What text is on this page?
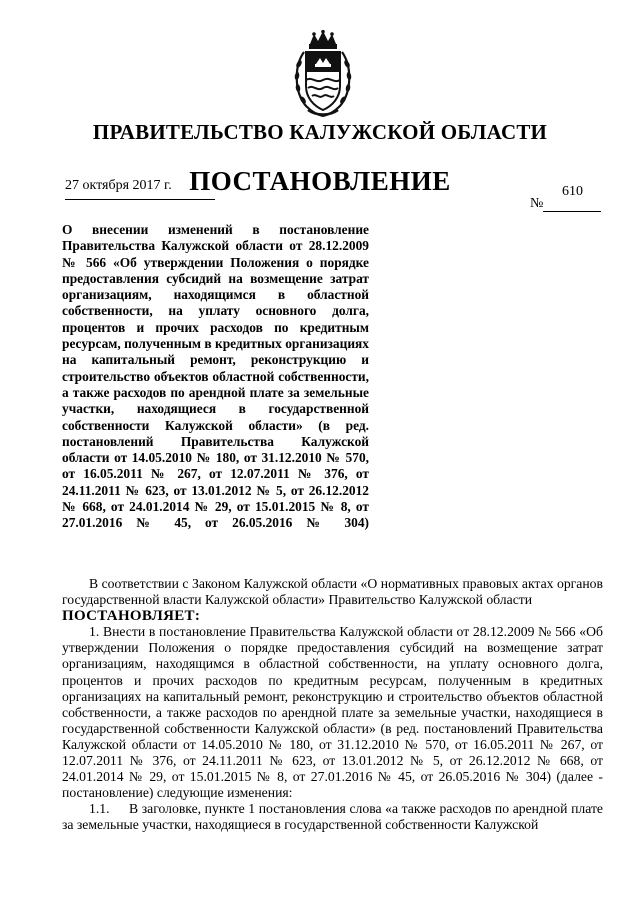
ПРАВИТЕЛЬСТВО КАЛУЖСКОЙ ОБЛАСТИ
ПОСТАНОВЛЕНИЕ
27 октября 2017 г.	610
№
О внесении изменений в постановление Правительства Калужской области от 28.12.2009 № 566 «Об утверждении Положения о порядке предоставления субсидий на возмещение затрат организациям, находящимся в областной собственности, на уплату основного долга, процентов и прочих расходов по кредитным ресурсам, полученным в кредитных организациях на капитальный ремонт, реконструкцию и строительство объектов областной собственности, а также расходов по арендной плате за земельные участки, находящиеся в государственной собственности Калужской области» (в ред. постановлений Правительства Калужской области от 14.05.2010 № 180, от 31.12.2010 № 570, от 16.05.2011 № 267, от 12.07.2011 № 376, от 24.11.2011 № 623, от 13.01.2012 № 5, от 26.12.2012 № 668, от 24.01.2014 № 29, от 15.01.2015 № 8, от 27.01.2016 № 45, от 26.05.2016 № 304)

В соответствии с Законом Калужской области «О нормативных правовых актах органов государственной власти Калужской области» Правительство Калужской области

ПОСТАНОВЛЯЕТ:

1. Внести в постановление Правительства Калужской области от 28.12.2009 № 566 «Об утверждении Положения о порядке предоставления субсидий на возмещение затрат организациям, находящимся в областной собственности, на уплату основного долга, процентов и прочих расходов по кредитным ресурсам, полученным в кредитных организациях на капитальный ремонт, реконструкцию и строительство объектов областной собственности, а также расходов по арендной плате за земельные участки, находящиеся в государственной собственности Калужской области» (в ред. постановлений Правительства Калужской области от 14.05.2010 № 180, от 31.12.2010 № 570, от 16.05.2011 № 267, от 12.07.2011 № 376, от 24.11.2011 № 623, от 13.01.2012 № 5, от 26.12.2012 № 668, от 24.01.2014 № 29, от 15.01.2015 № 8, от 27.01.2016 № 45, от 26.05.2016 № 304) (далее - постановление) следующие изменения:

1.1. В заголовке, пункте 1 постановления слова «а также расходов по арендной плате за земельные участки, находящиеся в государственной собственности Калужской
